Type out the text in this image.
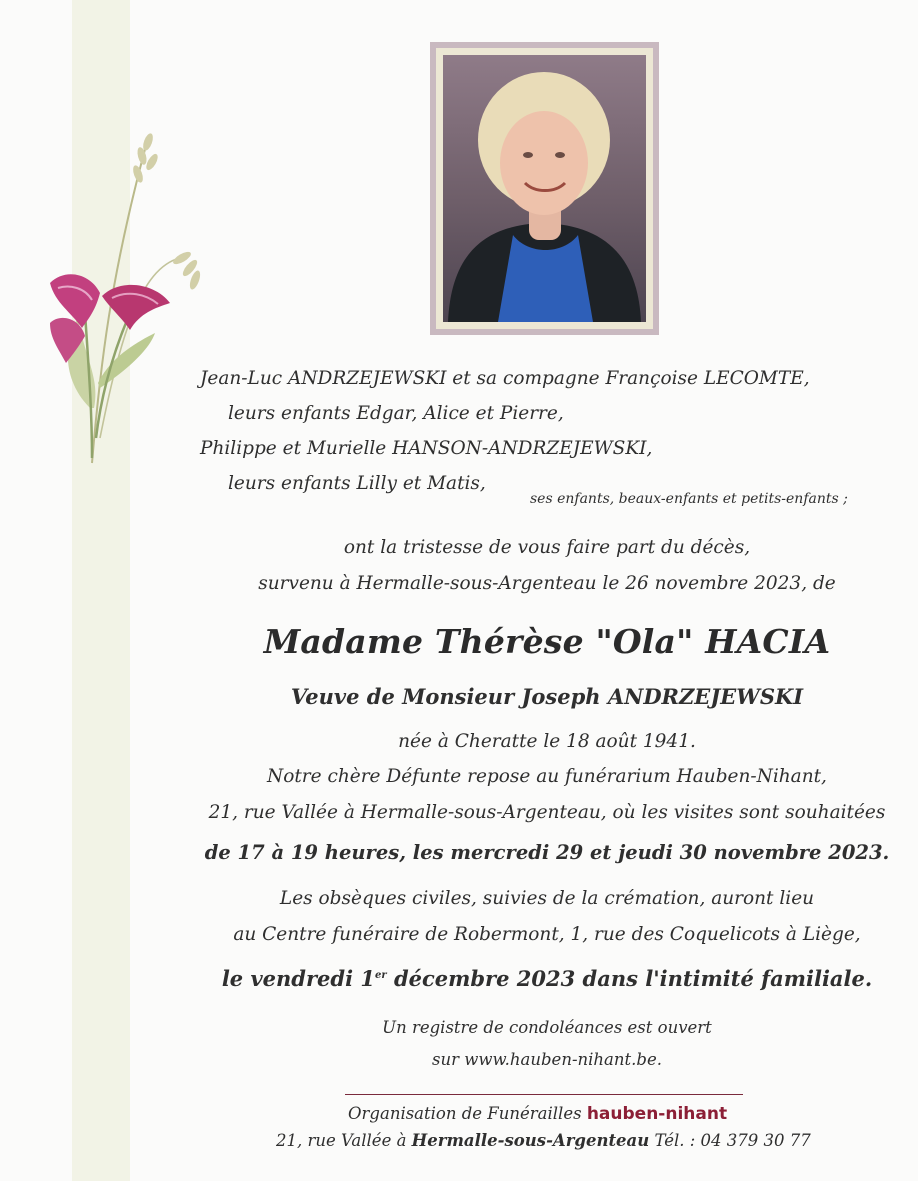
Jean-Luc ANDRZEJEWSKI et sa compagne Françoise LECOMTE,
leurs enfants Edgar, Alice et Pierre,
Philippe et Murielle HANSON-ANDRZEJEWSKI,
leurs enfants Lilly et Matis,
ses enfants, beaux-enfants et petits-enfants ;
ont la tristesse de vous faire part du décès,
survenu à Hermalle-sous-Argenteau le 26 novembre 2023, de
Madame Thérèse "Ola" HACIA
Veuve de Monsieur Joseph ANDRZEJEWSKI
née à Cheratte le 18 août 1941.
Notre chère Défunte repose au funérarium Hauben-Nihant,
21, rue Vallée à Hermalle-sous-Argenteau, où les visites sont souhaitées
de 17 à 19 heures, les mercredi 29 et jeudi 30 novembre 2023.
Les obsèques civiles, suivies de la crémation, auront lieu
au Centre funéraire de Robermont, 1, rue des Coquelicots à Liège,
le vendredi 1er décembre 2023 dans l'intimité familiale.
Un registre de condoléances est ouvert
sur www.hauben-nihant.be.
Organisation de Funérailles hauben-nihant
21, rue Vallée à Hermalle-sous-Argenteau Tél. : 04 379 30 77
